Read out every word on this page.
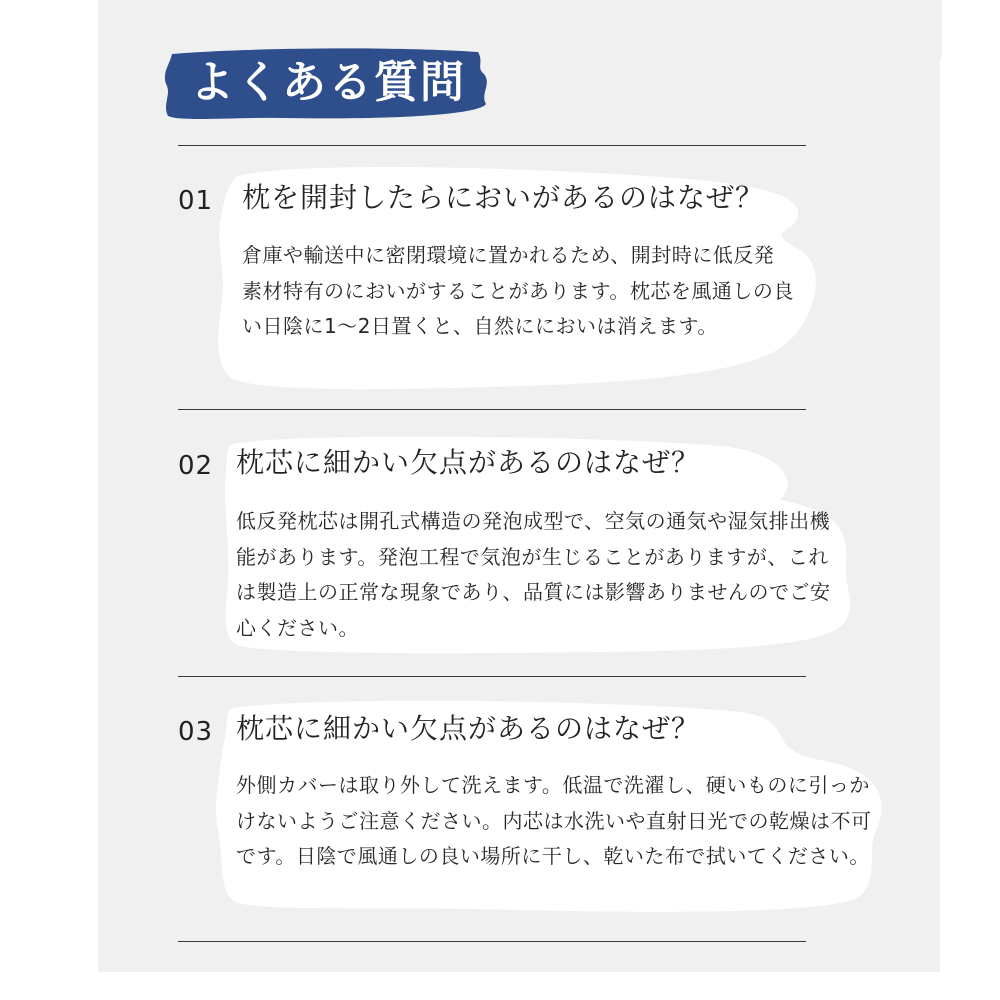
よくある質問
01 枕を開封したらにおいがあるのはなぜ？
倉庫や輸送中に密閉環境に置かれるため、開封時に低反発素材特有のにおいがすることがあります。枕芯を風通しの良い日陰に1～2日置くと、自然ににおいは消えます。
02 枕芯に細かい欠点があるのはなぜ？
低反発枕芯は開孔式構造の発泡成型で、空気の通気や湿気排出機能があります。発泡工程で気泡が生じることがありますが、これは製造上の正常な現象であり、品質には影響ありませんのでご安心ください。
03 枕芯に細かい欠点があるのはなぜ？
外側カバーは取り外して洗えます。低温で洗濯し、硬いものに引っかけないようご注意ください。内芯は水洗いや直射日光での乾燥は不可です。日陰で風通しの良い場所に干し、乾いた布で拭いてください。
